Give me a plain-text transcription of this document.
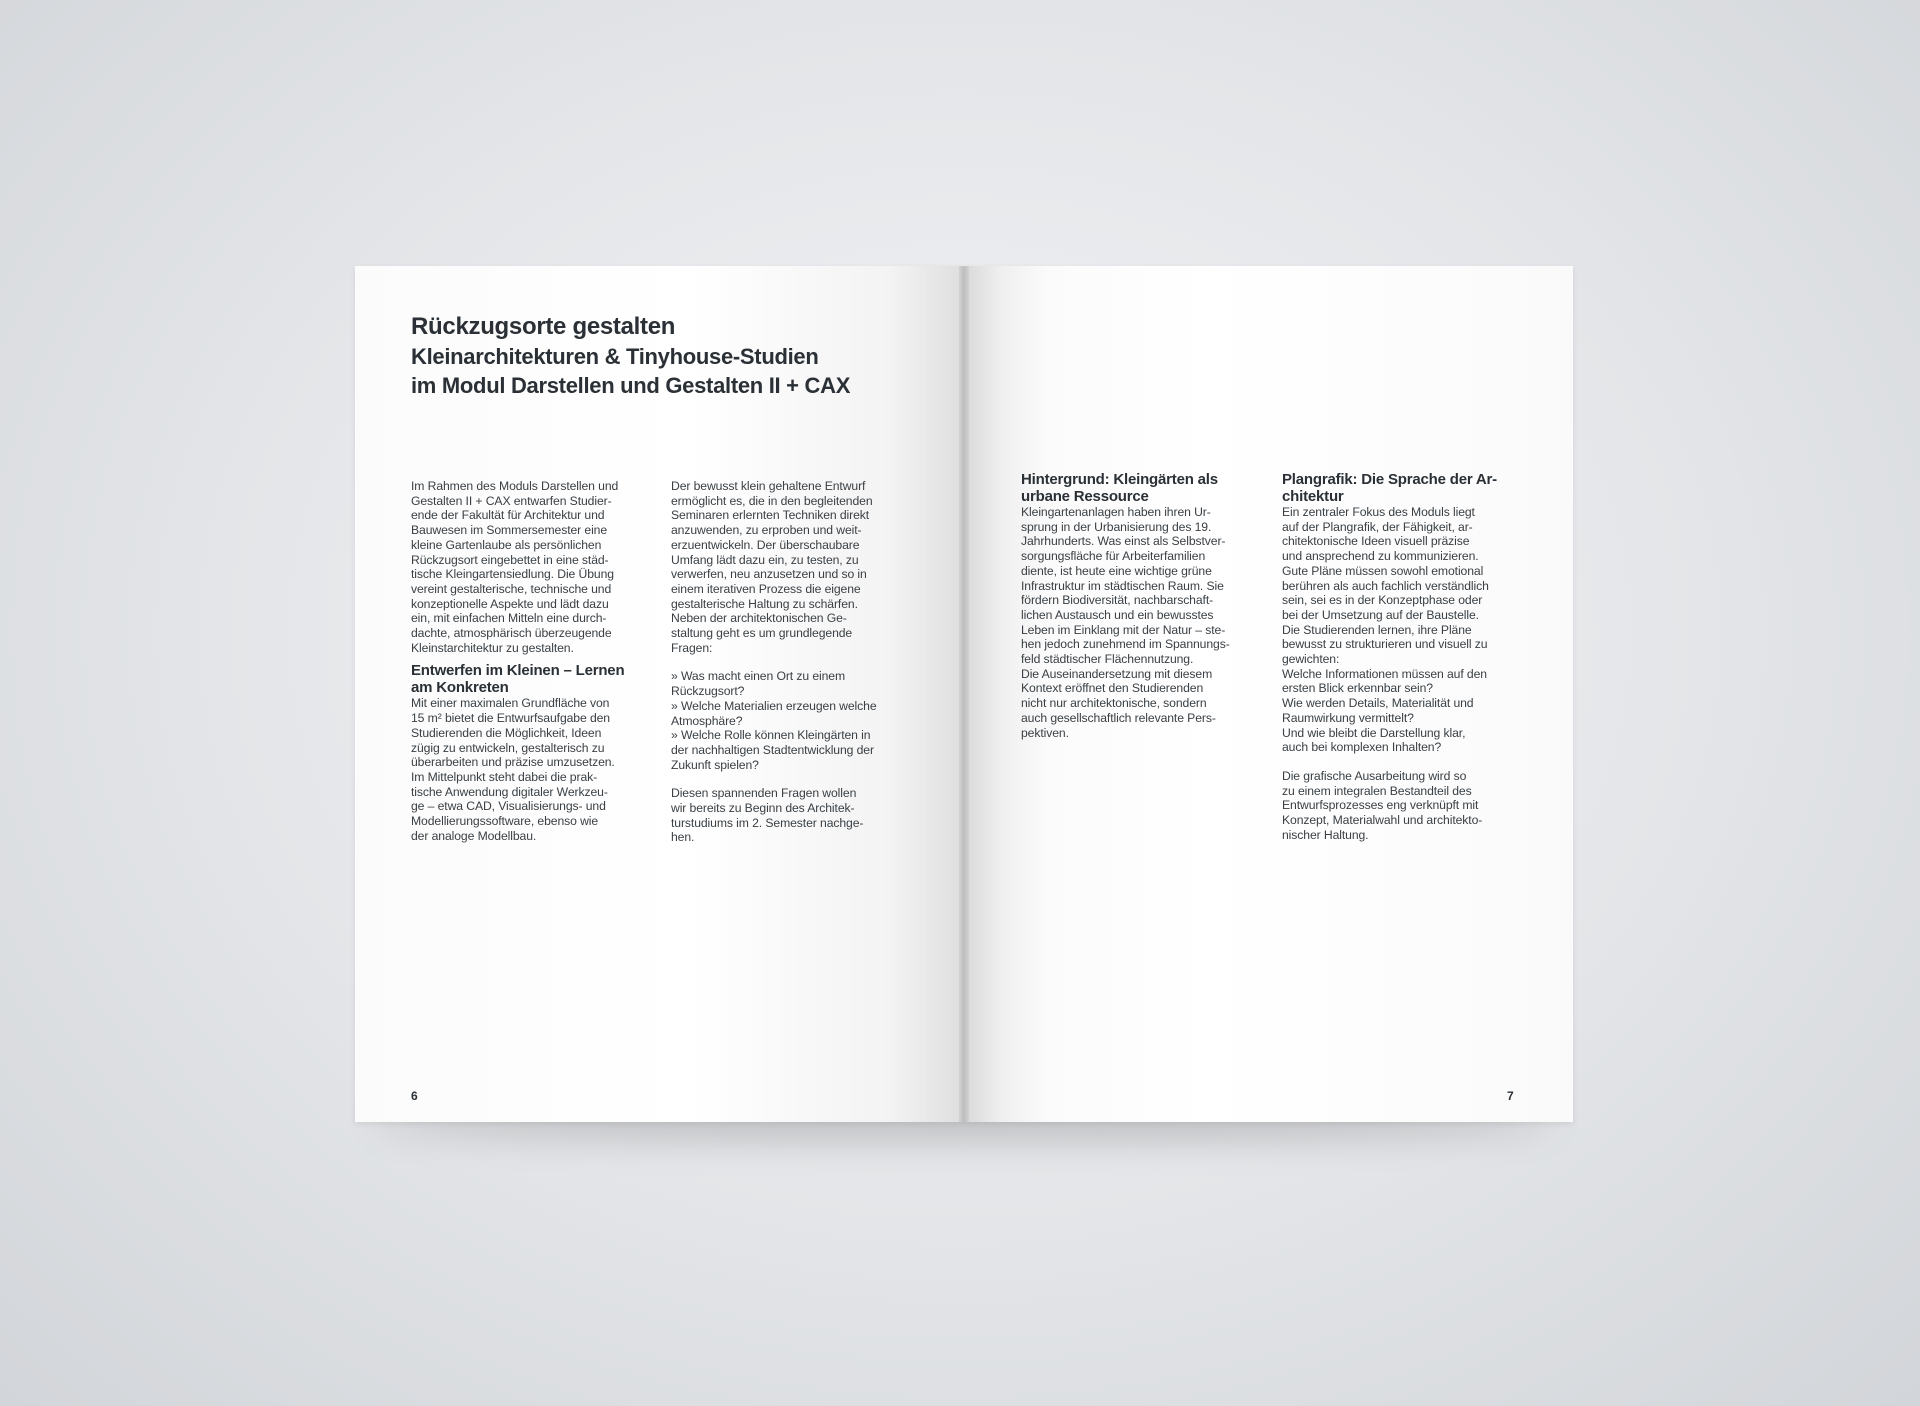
Rückzugsorte gestalten
Kleinarchitekturen & Tinyhouse-Studien
im Modul Darstellen und Gestalten II + CAX

Im Rahmen des Moduls Darstellen und
Gestalten II + CAX entwarfen Studier-
ende der Fakultät für Architektur und
Bauwesen im Sommersemester eine
kleine Gartenlaube als persönlichen
Rückzugsort eingebettet in eine städ-
tische Kleingartensiedlung. Die Übung
vereint gestalterische, technische und
konzeptionelle Aspekte und lädt dazu
ein, mit einfachen Mitteln eine durch-
dachte, atmosphärisch überzeugende
Kleinstarchitektur zu gestalten.

Entwerfen im Kleinen – Lernen
am Konkreten

Mit einer maximalen Grundfläche von
15 m² bietet die Entwurfsaufgabe den
Studierenden die Möglichkeit, Ideen
zügig zu entwickeln, gestalterisch zu
überarbeiten und präzise umzusetzen.
Im Mittelpunkt steht dabei die prak-
tische Anwendung digitaler Werkzeu-
ge – etwa CAD, Visualisierungs- und
Modellierungssoftware, ebenso wie
der analoge Modellbau.

Der bewusst klein gehaltene Entwurf
ermöglicht es, die in den begleitenden
Seminaren erlernten Techniken direkt
anzuwenden, zu erproben und weit-
erzuentwickeln. Der überschaubare
Umfang lädt dazu ein, zu testen, zu
verwerfen, neu anzusetzen und so in
einem iterativen Prozess die eigene
gestalterische Haltung zu schärfen.
Neben der architektonischen Ge-
staltung geht es um grundlegende
Fragen:

» Was macht einen Ort zu einem
Rückzugsort?
» Welche Materialien erzeugen welche
Atmosphäre?
» Welche Rolle können Kleingärten in
der nachhaltigen Stadtentwicklung der
Zukunft spielen?

Diesen spannenden Fragen wollen
wir bereits zu Beginn des Architek-
turstudiums im 2. Semester nachge-
hen.

6
Hintergrund: Kleingärten als
urbane Ressource

Kleingartenanlagen haben ihren Ur-
sprung in der Urbanisierung des 19.
Jahrhunderts. Was einst als Selbstver-
sorgungsfläche für Arbeiterfamilien
diente, ist heute eine wichtige grüne
Infrastruktur im städtischen Raum. Sie
fördern Biodiversität, nachbarschaft-
lichen Austausch und ein bewusstes
Leben im Einklang mit der Natur – ste-
hen jedoch zunehmend im Spannungs-
feld städtischer Flächennutzung.
Die Auseinandersetzung mit diesem
Kontext eröffnet den Studierenden
nicht nur architektonische, sondern
auch gesellschaftlich relevante Pers-
pektiven.

Plangrafik: Die Sprache der Ar-
chitektur

Ein zentraler Fokus des Moduls liegt
auf der Plangrafik, der Fähigkeit, ar-
chitektonische Ideen visuell präzise
und ansprechend zu kommunizieren.
Gute Pläne müssen sowohl emotional
berühren als auch fachlich verständlich
sein, sei es in der Konzeptphase oder
bei der Umsetzung auf der Baustelle.
Die Studierenden lernen, ihre Pläne
bewusst zu strukturieren und visuell zu
gewichten:
Welche Informationen müssen auf den
ersten Blick erkennbar sein?
Wie werden Details, Materialität und
Raumwirkung vermittelt?
Und wie bleibt die Darstellung klar,
auch bei komplexen Inhalten?

Die grafische Ausarbeitung wird so
zu einem integralen Bestandteil des
Entwurfsprozesses eng verknüpft mit
Konzept, Materialwahl und architekto-
nischer Haltung.

7
